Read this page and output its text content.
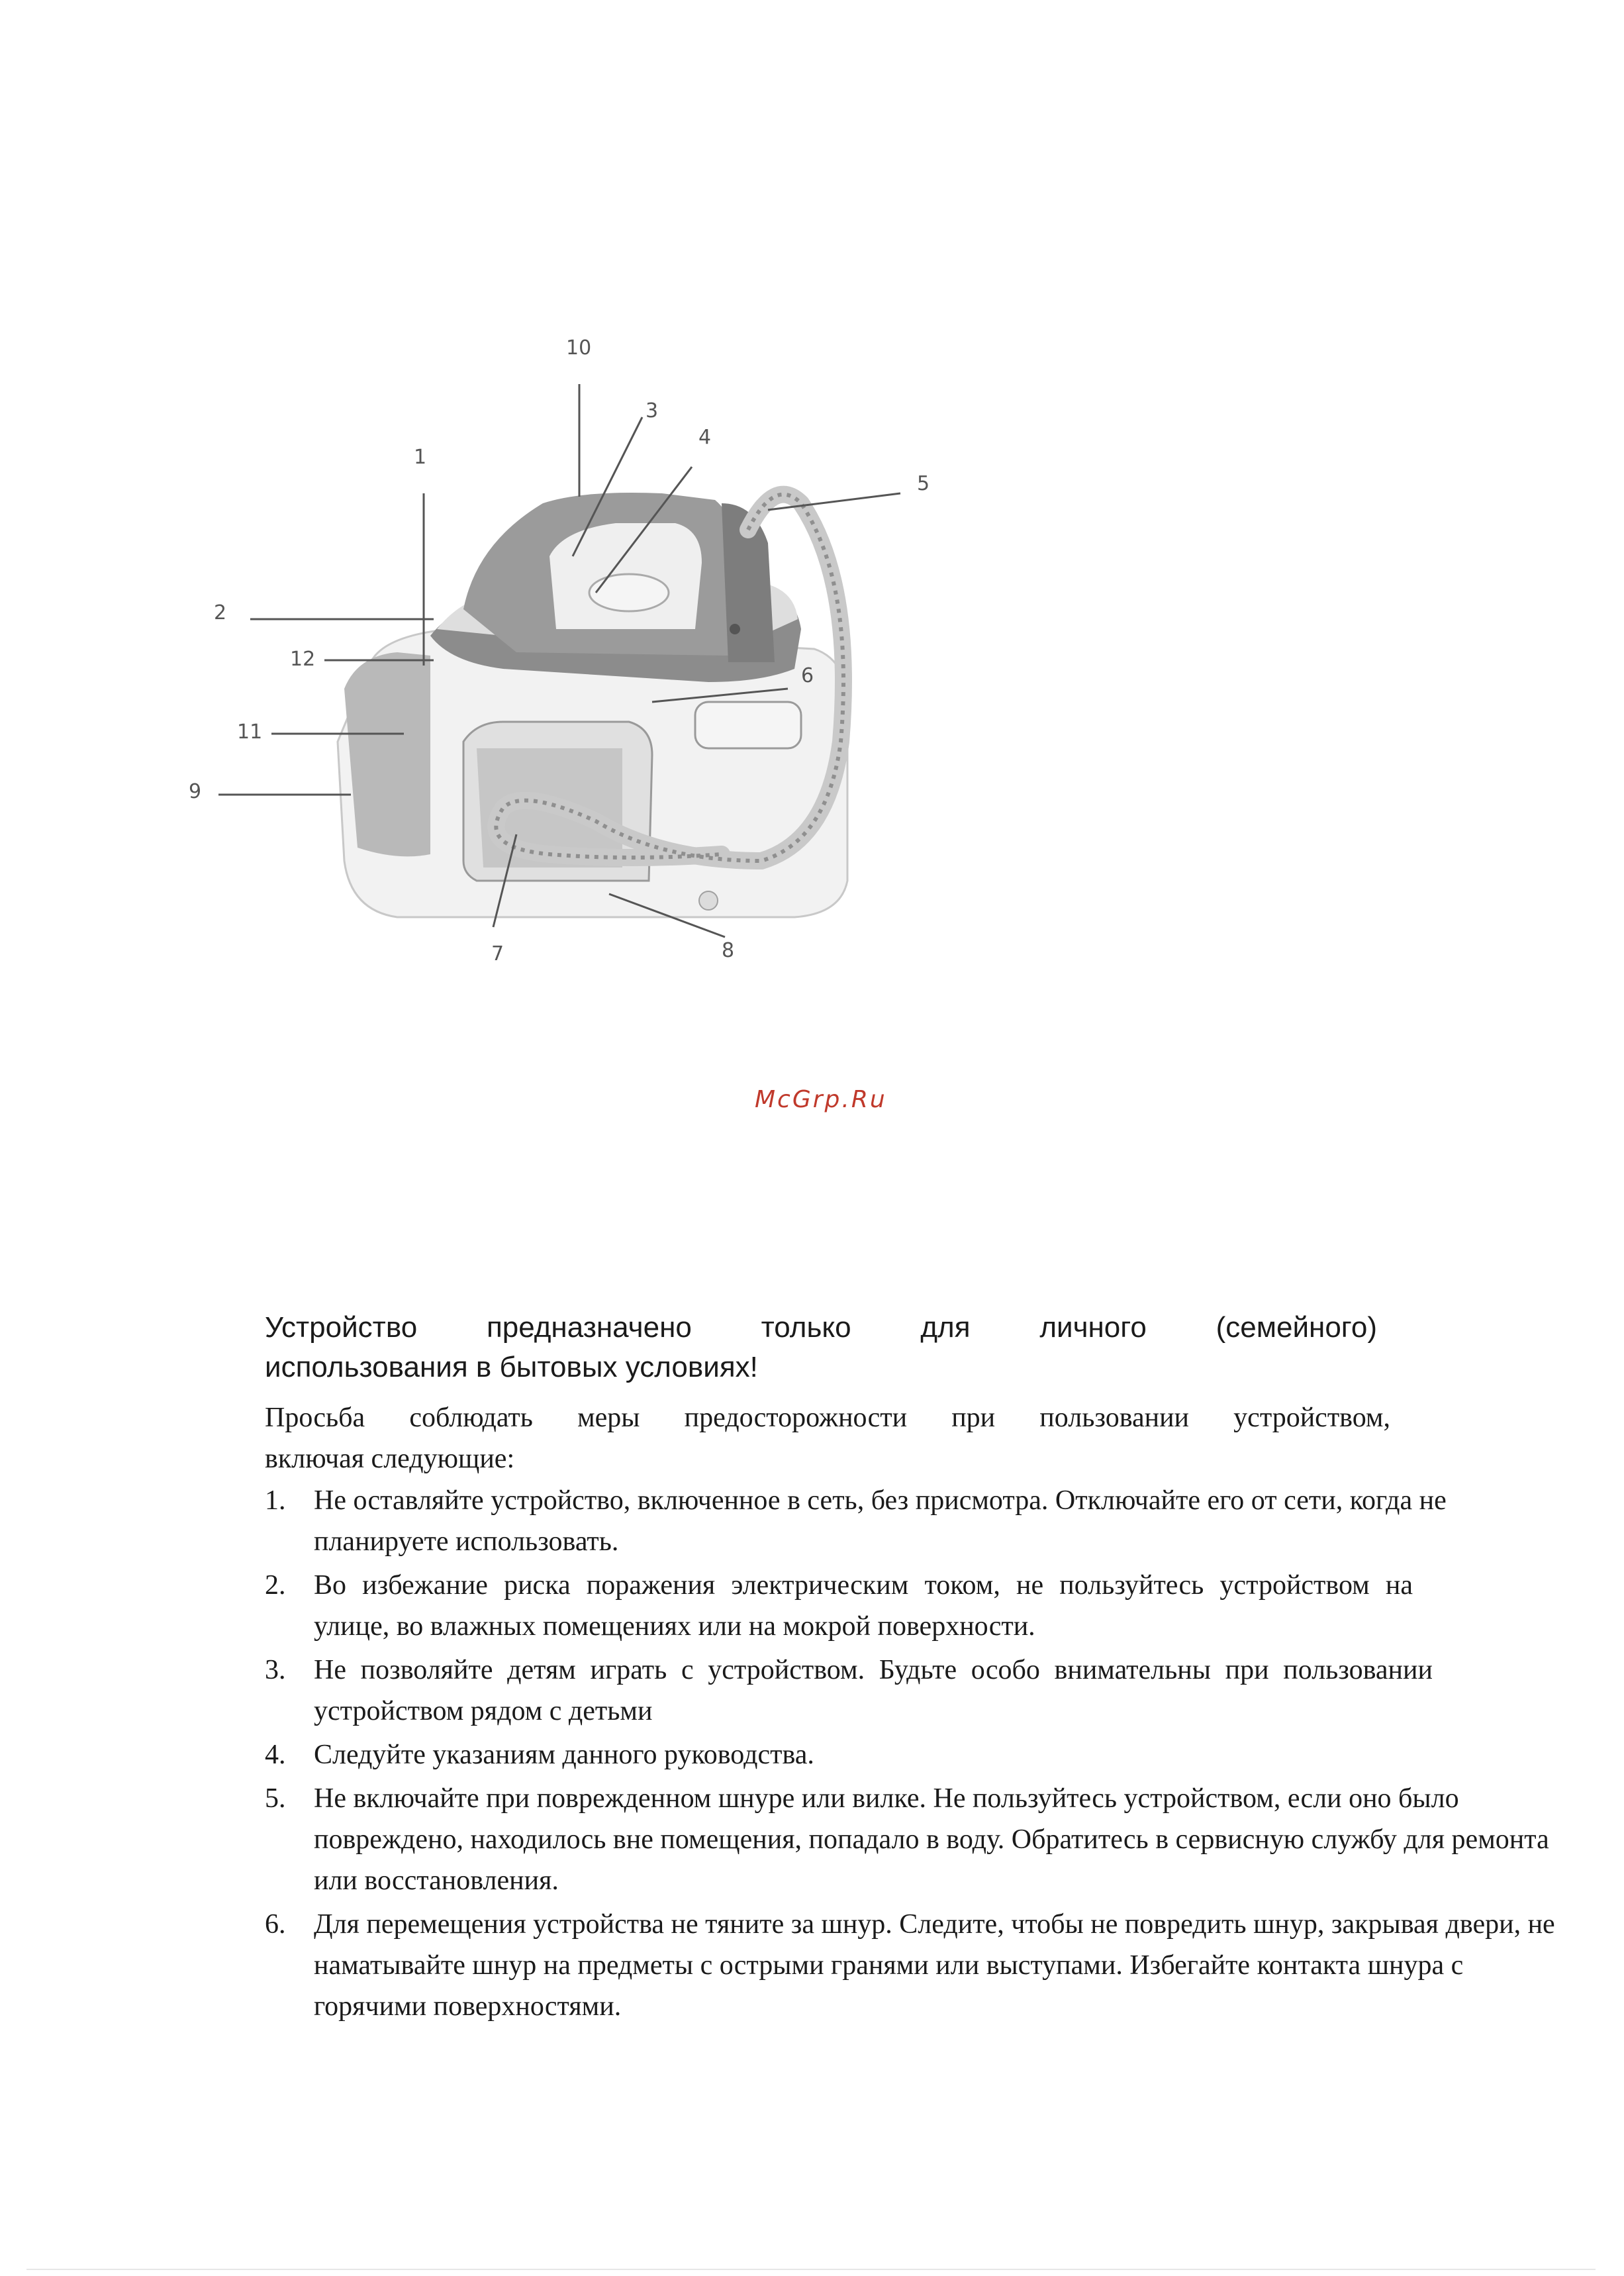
1
2
3
4
5
6
7	8
9
10
11
12
McGrp.Ru
Устройство предназначено только для личного (семейного)
использования в бытовых условиях!
Просьба соблюдать меры предосторожности при пользовании устройством,
включая следующие:
1. Не оставляйте устройство, включенное в сеть, без присмотра. Отключайте его от сети, когда не планируете использовать.
2. Во избежание риска поражения электрическим током, не пользуйтесь устройством на улице, во влажных помещениях или на мокрой поверхности.
3. Не позволяйте детям играть с устройством. Будьте особо внимательны при пользовании устройством рядом с детьми
4. Следуйте указаниям данного руководства.
5. Не включайте при поврежденном шнуре или вилке. Не пользуйтесь устройством, если оно было повреждено, находилось вне помещения, попадало в воду. Обратитесь в сервисную службу для ремонта или восстановления.
6. Для перемещения устройства не тяните за шнур. Следите, чтобы не повредить шнур, закрывая двери, не наматывайте шнур на предметы с острыми гранями или выступами. Избегайте контакта шнура с горячими поверхностями.
